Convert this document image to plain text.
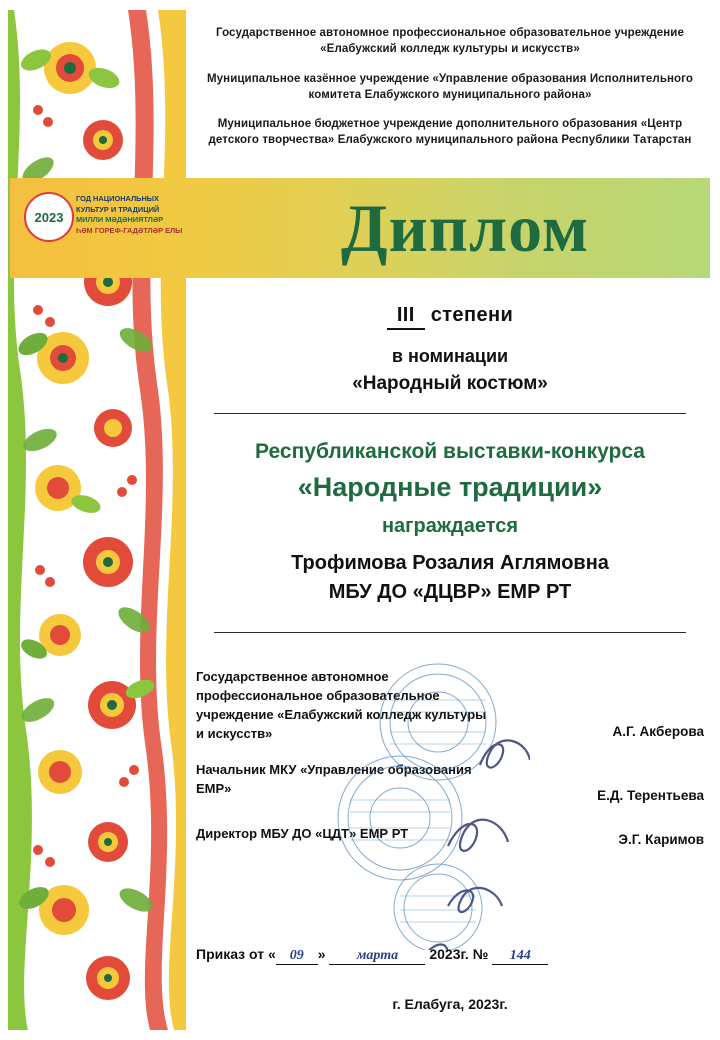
Государственное автономное профессиональное образовательное учреждение «Елабужский колледж культуры и искусств»
Муниципальное казённое учреждение «Управление образования Исполнительного комитета Елабужского муниципального района»
Муниципальное бюджетное учреждение дополнительного образования «Центр детского творчества» Елабужского муниципального района Республики Татарстан
Диплом
2023
ГОД НАЦИОНАЛЬНЫХ
КУЛЬТУР И ТРАДИЦИЙ
МИЛЛИ МӘДӘНИЯТЛӘР
ҺӘМ ГОРЕФ-ГАДӘТЛӘР ЕЛЫ
III степени
в номинации
«Народный костюм»
Республиканской выставки-конкурса
«Народные традиции»
награждается
Трофимова Розалия Аглямовна
МБУ ДО «ДЦВР» ЕМР РТ
Государственное автономное профессиональное образовательное учреждение «Елабужский колледж культуры и искусств»	А.Г. Акберова
Начальник МКУ «Управление образования ЕМР»	Е.Д. Терентьева
Директор МБУ ДО «ЦДТ» ЕМР РТ	Э.Г. Каримов
Приказ от « 09 » марта 2023г. № 144
г. Елабуга, 2023г.
